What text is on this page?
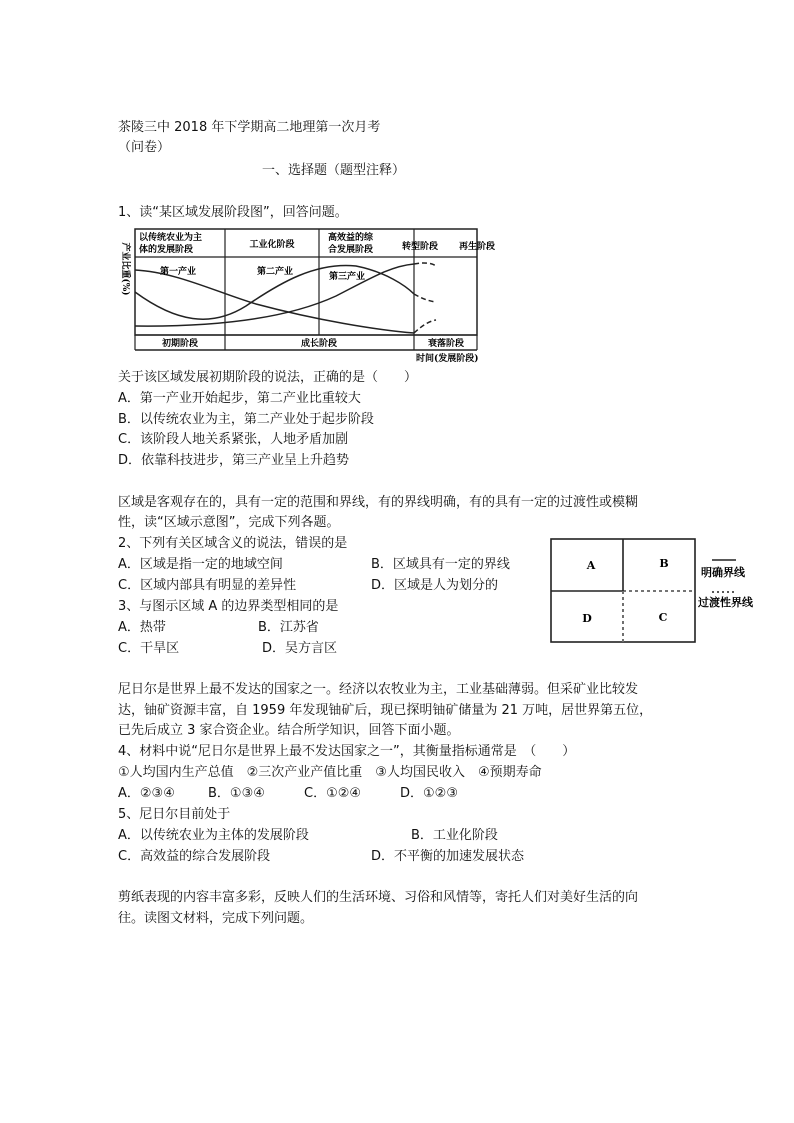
茶陵三中 2018 年下学期高二地理第一次月考
（问卷）
一、选择题（题型注释）
1、读“某区域发展阶段图”，回答问题。
产业比重(%)
以传统农业为主
体的发展阶段	工业化阶段
高效益的综
合发展阶段	转型阶段 再生阶段
第一产业	第二产业	第三产业
初期阶段	成长阶段	衰落阶段
时间(发展阶段)
关于该区域发展初期阶段的说法，正确的是（　　）
A．第一产业开始起步，第二产业比重较大
B．以传统农业为主，第二产业处于起步阶段
C．该阶段人地关系紧张，人地矛盾加剧
D．依靠科技进步，第三产业呈上升趋势
区域是客观存在的，具有一定的范围和界线，有的界线明确，有的具有一定的过渡性或模糊
性，读“区域示意图”，完成下列各题。
2、下列有关区域含义的说法，错误的是
A．区域是指一定的地域空间	B．区域具有一定的界线
C．区域内部具有明显的差异性	D．区域是人为划分的
3、与图示区域 A 的边界类型相同的是
A．热带	B．江苏省
C．干旱区	D．吴方言区
A	B
D	C
明确界线
过渡性界线
尼日尔是世界上最不发达的国家之一。经济以农牧业为主，工业基础薄弱。但采矿业比较发
达，铀矿资源丰富，自 1959 年发现铀矿后，现已探明铀矿储量为 21 万吨，居世界第五位，
已先后成立 3 家合资企业。结合所学知识，回答下面小题。
4、材料中说“尼日尔是世界上最不发达国家之一”，其衡量指标通常是　（　　）
①人均国内生产总值　②三次产业产值比重　③人均国民收入　④预期寿命
A．②③④	B．①③④	C．①②④	D．①②③
5、尼日尔目前处于
A．以传统农业为主体的发展阶段	B．工业化阶段
C．高效益的综合发展阶段	D．不平衡的加速发展状态
剪纸表现的内容丰富多彩，反映人们的生活环境、习俗和风情等，寄托人们对美好生活的向
往。读图文材料，完成下列问题。
